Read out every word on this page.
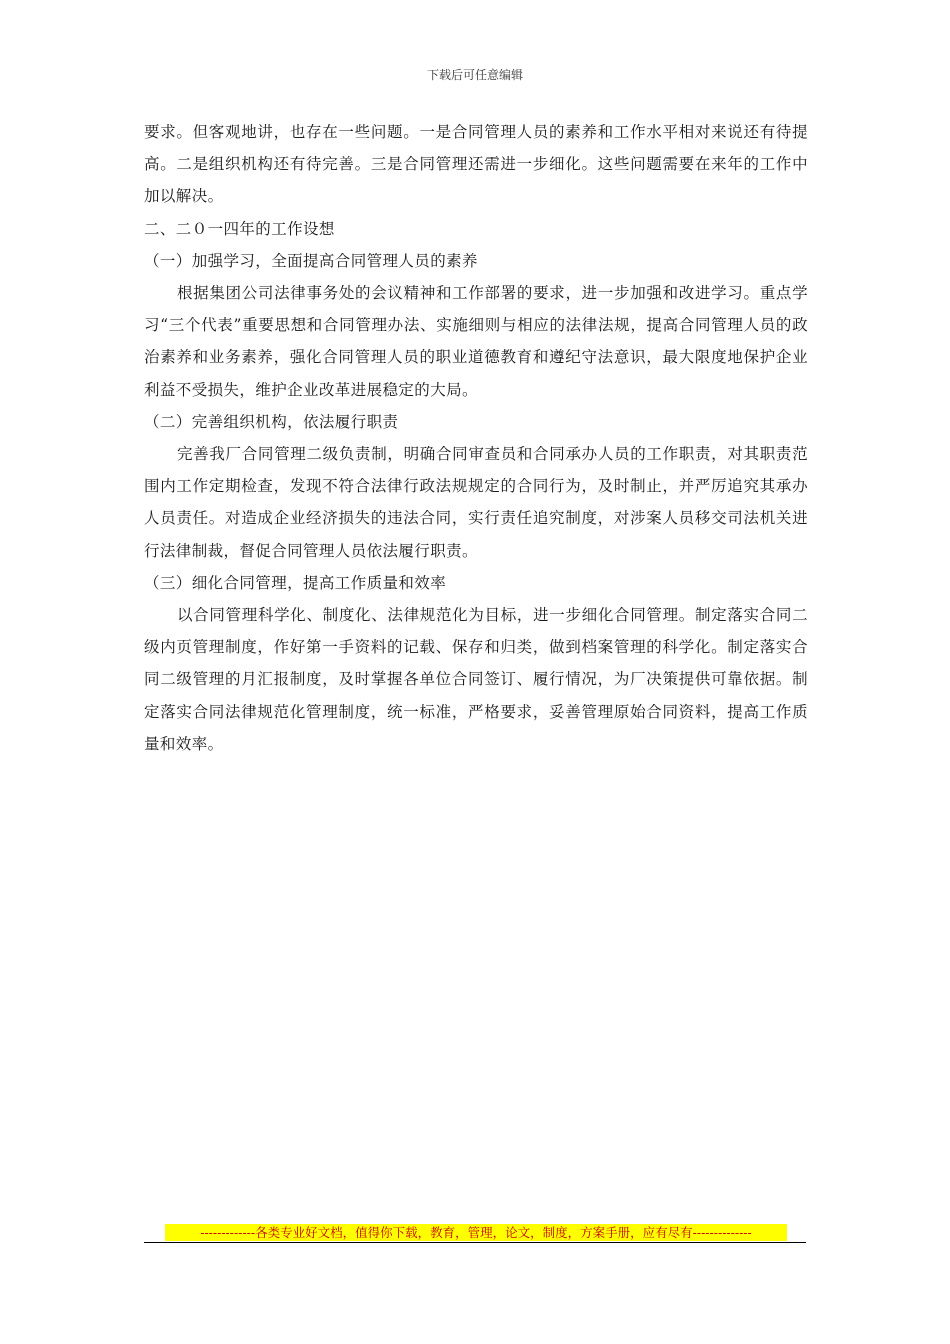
下载后可任意编辑

要求。但客观地讲，也存在一些问题。一是合同管理人员的素养和工作水平相对来说还有待提高。二是组织机构还有待完善。三是合同管理还需进一步细化。这些问题需要在来年的工作中加以解决。

二、二０一四年的工作设想

（一）加强学习，全面提高合同管理人员的素养

根据集团公司法律事务处的会议精神和工作部署的要求，进一步加强和改进学习。重点学习“三个代表”重要思想和合同管理办法、实施细则与相应的法律法规，提高合同管理人员的政治素养和业务素养，强化合同管理人员的职业道德教育和遵纪守法意识，最大限度地保护企业利益不受损失，维护企业改革进展稳定的大局。

（二）完善组织机构，依法履行职责

完善我厂合同管理二级负责制，明确合同审查员和合同承办人员的工作职责，对其职责范围内工作定期检查，发现不符合法律行政法规规定的合同行为，及时制止，并严厉追究其承办人员责任。对造成企业经济损失的违法合同，实行责任追究制度，对涉案人员移交司法机关进行法律制裁，督促合同管理人员依法履行职责。

（三）细化合同管理，提高工作质量和效率

以合同管理科学化、制度化、法律规范化为目标，进一步细化合同管理。制定落实合同二级内页管理制度，作好第一手资料的记载、保存和归类，做到档案管理的科学化。制定落实合同二级管理的月汇报制度，及时掌握各单位合同签订、履行情况，为厂决策提供可靠依据。制定落实合同法律规范化管理制度，统一标准，严格要求，妥善管理原始合同资料，提高工作质量和效率。

-------------各类专业好文档，值得你下载，教育，管理，论文，制度，方案手册，应有尽有--------------
